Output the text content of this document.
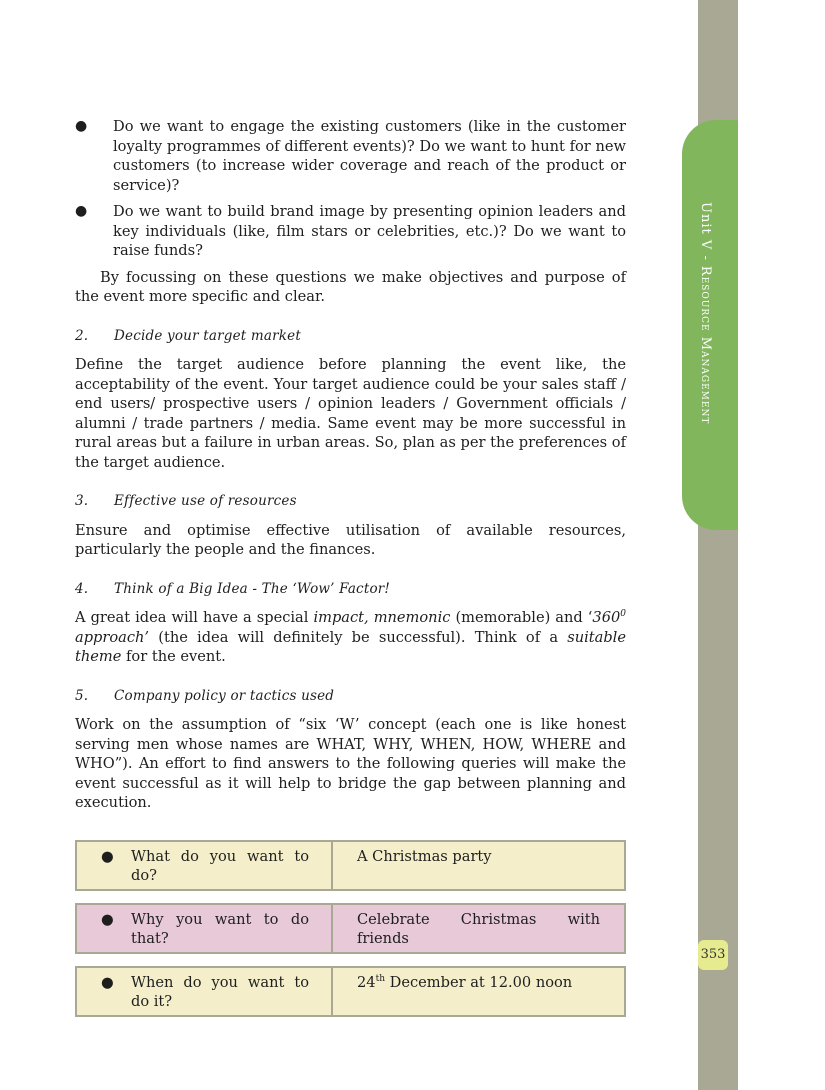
Unit V - Resource Management
353
● Do we want to engage the existing customers (like in the customer loyalty programmes of different events)? Do we want to hunt for new customers (to increase wider coverage and reach of the product or service)?
● Do we want to build brand image by presenting opinion leaders and key individuals (like, film stars or celebrities, etc.)? Do we want to raise funds?

By focussing on these questions we make objectives and purpose of the event more specific and clear.

2.	Decide your target market

Define the target audience before planning the event like, the acceptability of the event. Your target audience could be your sales staff / end users/ prospective users / opinion leaders / Government officials / alumni / trade partners / media. Same event may be more successful in rural areas but a failure in urban areas. So, plan as per the preferences of the target audience.

3.	Effective use of resources

Ensure and optimise effective utilisation of available resources, particularly the people and the finances.

4.	Think of a Big Idea - The ‘Wow’ Factor!

A great idea will have a special impact, mnemonic (memorable) and ‘$360^0$ approach’ (the idea will definitely be successful). Think of a suitable theme for the event.

5.	Company policy or tactics used

Work on the assumption of “six ‘W’ concept (each one is like honest serving men whose names are WHAT, WHY, WHEN, HOW, WHERE and WHO”). An effort to find answers to the following queries will make the event successful as it will help to bridge the gap between planning and execution.

●	What do you want to do?
A Christmas party
●	Why you want to do that?
Celebrate Christmas with friends
●	When do you want to do it?
24th December at 12.00 noon
